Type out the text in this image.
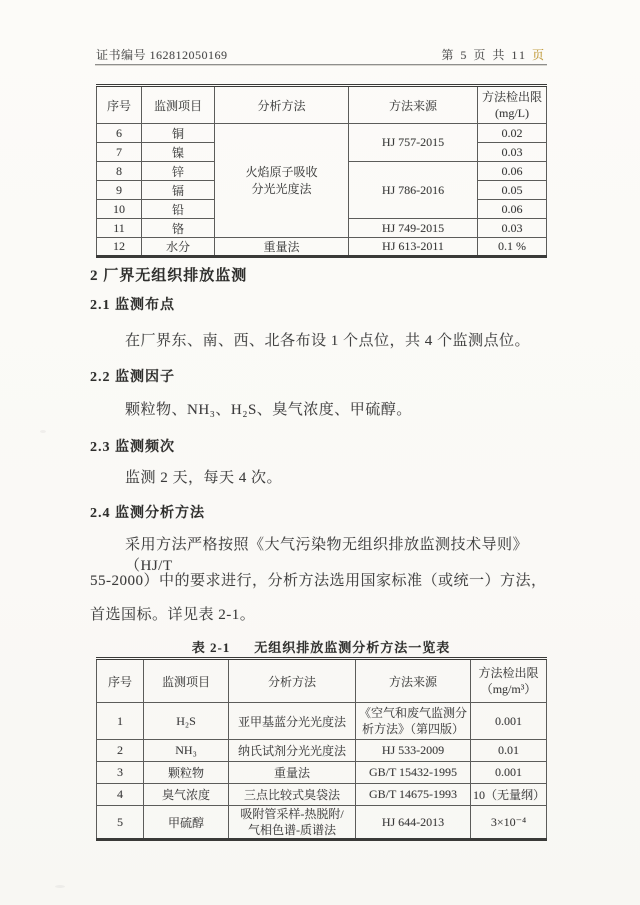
证书编号 162812050169	第 5 页 共 11 页
序号	监测项目	分析方法	方法来源	方法检出限
(mg/L)

6	铜	火焰原子吸收
分光光度法	HJ 757-2015	0.02
7	镍			0.03
8	锌		HJ 786-2016	0.06
9	镉			0.05
10	铅			0.06
11	铬		HJ 749-2015	0.03
12	水分	重量法	HJ 613-2011	0.1 %
2 厂界无组织排放监测
2.1 监测布点
在厂界东、南、西、北各布设 1 个点位，共 4 个监测点位。
2.2 监测因子
颗粒物、NH₃、H₂S、臭气浓度、甲硫醇。
2.3 监测频次
监测 2 天，每天 4 次。
2.4 监测分析方法
采用方法严格按照《大气污染物无组织排放监测技术导则》（HJ/T
55-2000）中的要求进行，分析方法选用国家标准（或统一）方法，
首选国标。详见表 2-1。
表 2-1 无组织排放监测分析方法一览表
序号	监测项目	分析方法	方法来源	方法检出限
（mg/m³）

1	H₂S	亚甲基蓝分光光度法	《空气和废气监测分
析方法》（第四版）	0.001
2	NH₃	纳氏试剂分光光度法	HJ 533-2009	0.01
3	颗粒物	重量法	GB/T 15432-1995	0.001
4	臭气浓度	三点比较式臭袋法	GB/T 14675-1993	10（无量纲）
5	甲硫醇	吸附管采样-热脱附/
气相色谱-质谱法	HJ 644-2013	3×10⁻⁴
